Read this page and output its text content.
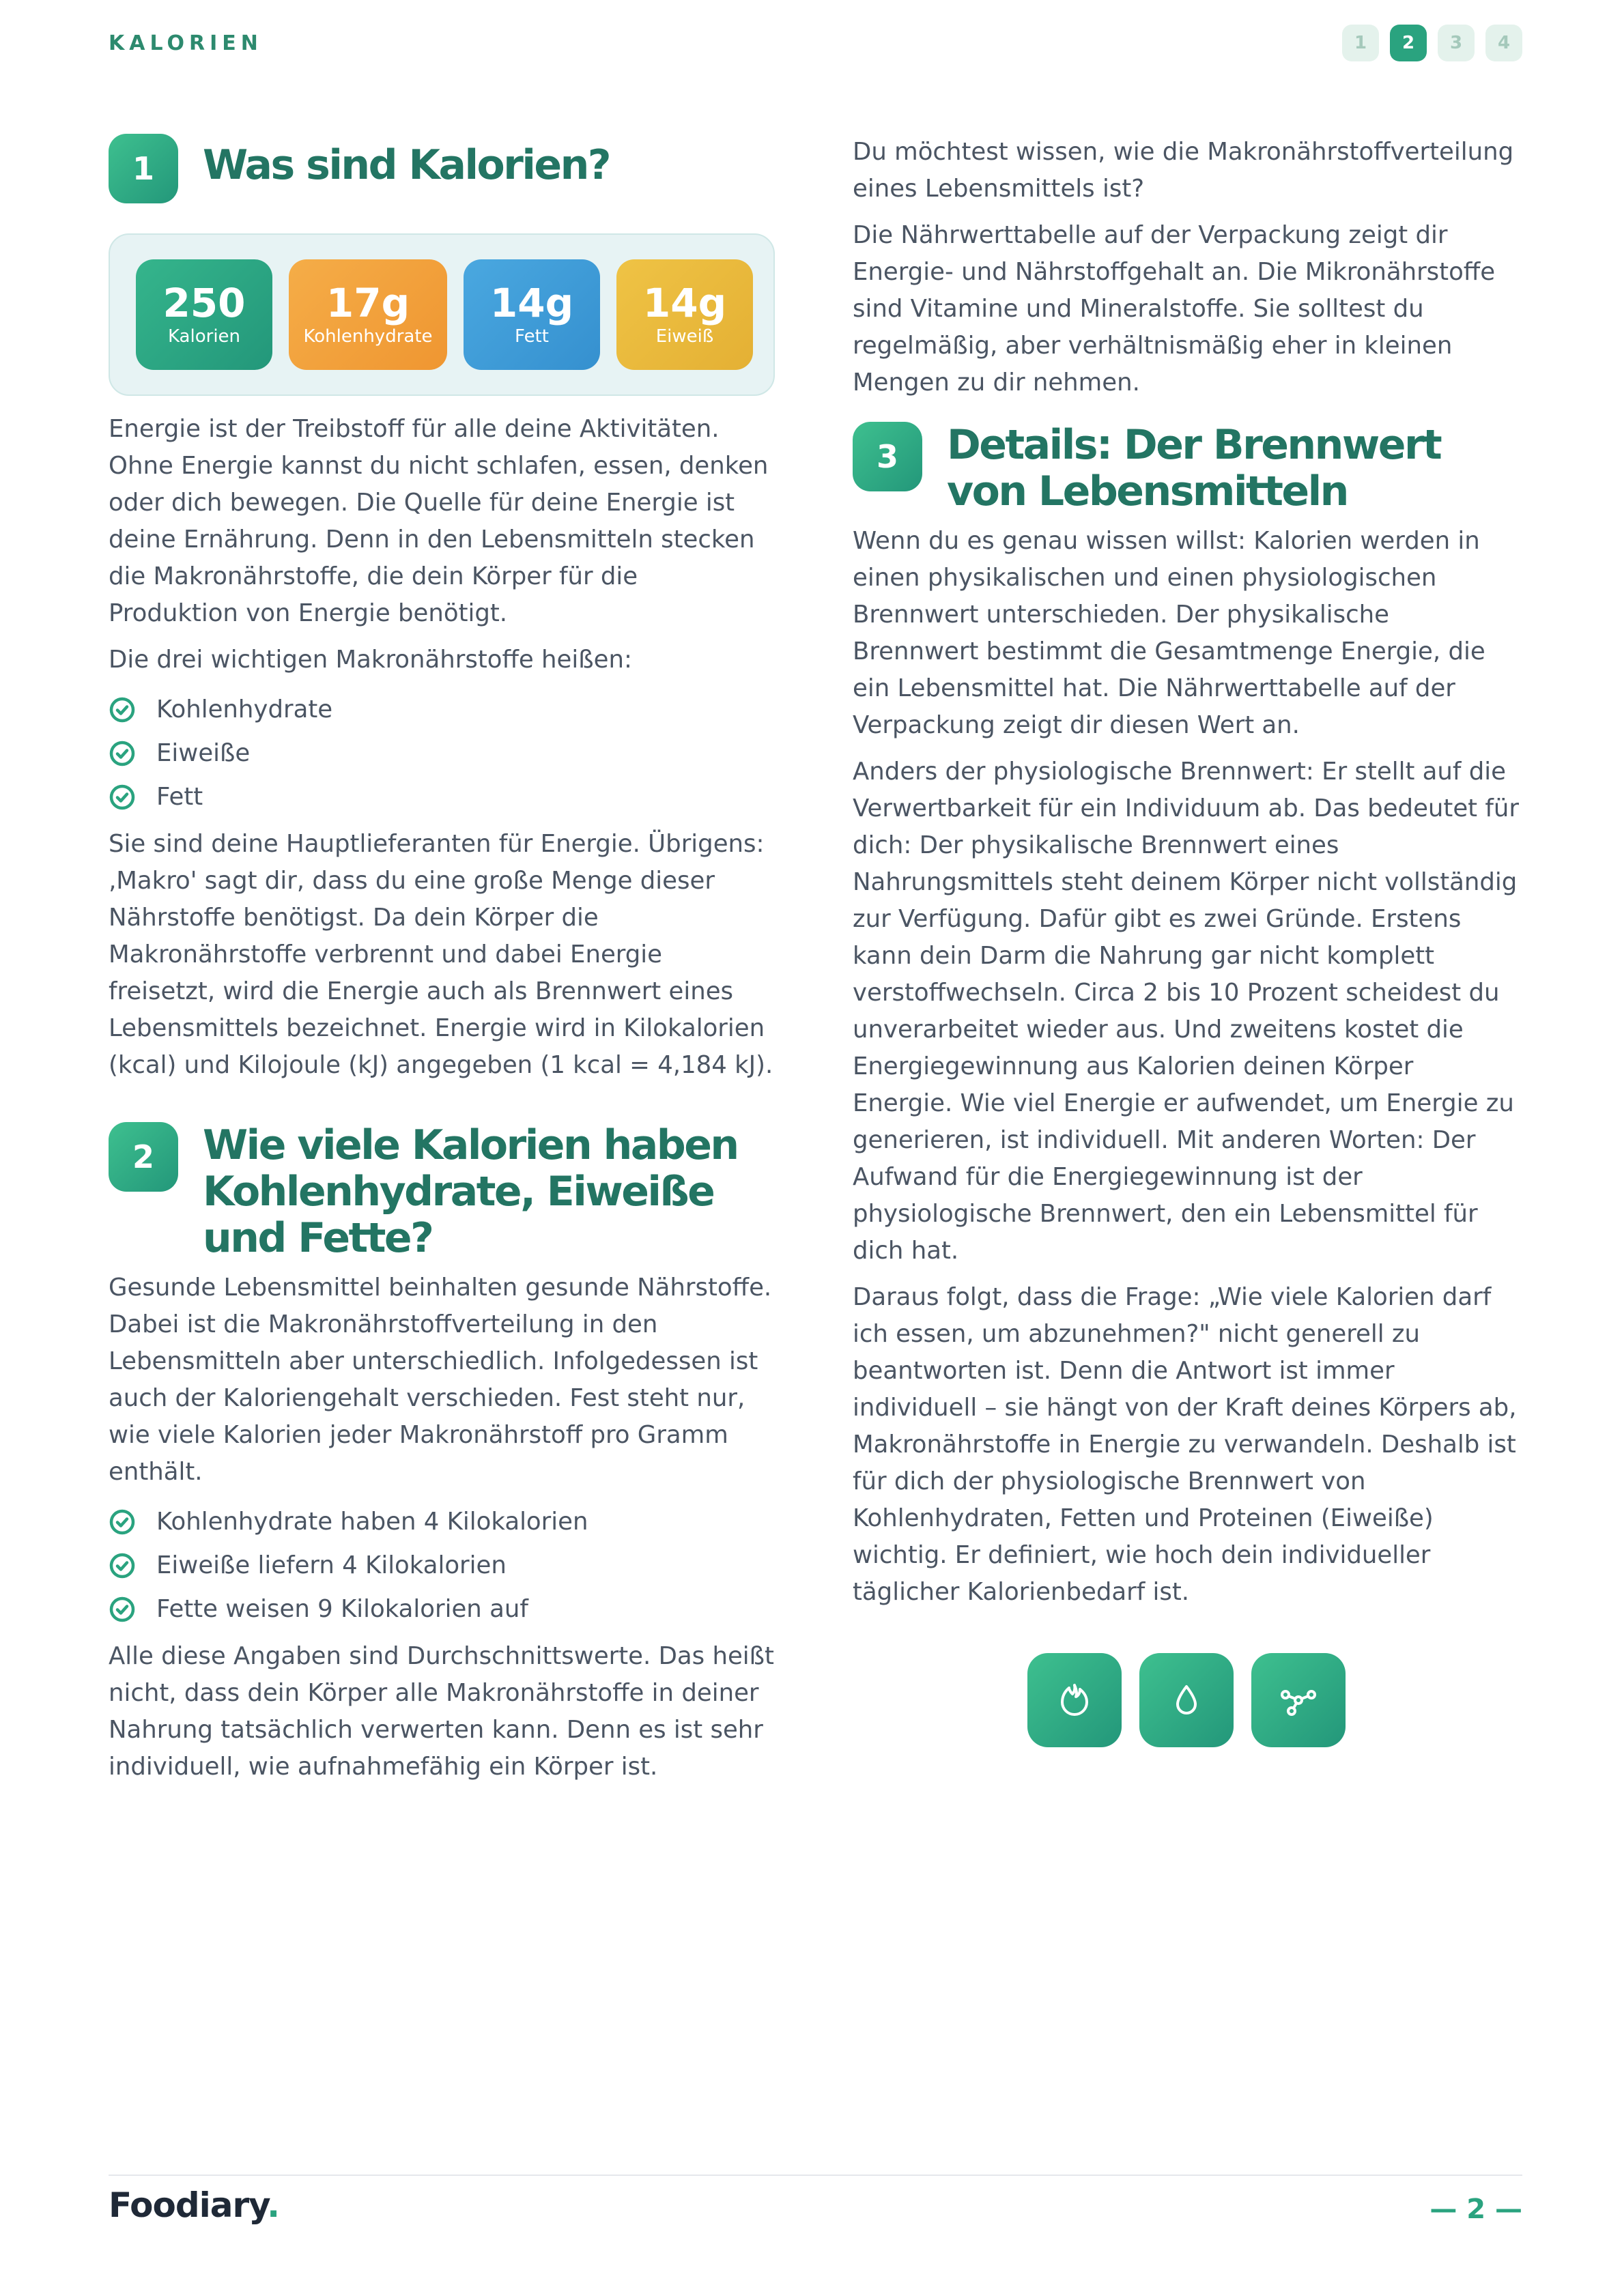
KALORIEN	1	2	3	4
1	Was sind Kalorien?
250
Kalorien
17g
Kohlenhydrate
14g
Fett
14g
Eiweiß

Energie ist der Treibstoff für alle deine Aktivitäten. Ohne Energie kannst du nicht schlafen, essen, denken oder dich bewegen. Die Quelle für deine Energie ist deine Ernährung. Denn in den Lebensmitteln stecken die Makronährstoffe, die dein Körper für die Produktion von Energie benötigt.

Die drei wichtigen Makronährstoffe heißen:

Kohlenhydrate
Eiweiße
Fett

Sie sind deine Hauptlieferanten für Energie. Übrigens: ‚Makro' sagt dir, dass du eine große Menge dieser Nährstoffe benötigst. Da dein Körper die Makronährstoffe verbrennt und dabei Energie freisetzt, wird die Energie auch als Brennwert eines Lebensmittels bezeichnet. Energie wird in Kilokalorien (kcal) und Kilojoule (kJ) angegeben (1 kcal = 4,184 kJ).

2	Wie viele Kalorien haben Kohlenhydrate, Eiweiße und Fette?

Gesunde Lebensmittel beinhalten gesunde Nährstoffe. Dabei ist die Makronährstoffverteilung in den Lebensmitteln aber unterschiedlich. Infolgedessen ist auch der Kaloriengehalt verschieden. Fest steht nur, wie viele Kalorien jeder Makronährstoff pro Gramm enthält.

Kohlenhydrate haben 4 Kilokalorien
Eiweiße liefern 4 Kilokalorien
Fette weisen 9 Kilokalorien auf

Alle diese Angaben sind Durchschnittswerte. Das heißt nicht, dass dein Körper alle Makronährstoffe in deiner Nahrung tatsächlich verwerten kann. Denn es ist sehr individuell, wie aufnahmefähig ein Körper ist.

Du möchtest wissen, wie die Makronährstoffverteilung eines Lebensmittels ist?

Die Nährwerttabelle auf der Verpackung zeigt dir Energie- und Nährstoffgehalt an. Die Mikronährstoffe sind Vitamine und Mineralstoffe. Sie solltest du regelmäßig, aber verhältnismäßig eher in kleinen Mengen zu dir nehmen.

3	Details: Der Brennwert von Lebensmitteln

Wenn du es genau wissen willst: Kalorien werden in einen physikalischen und einen physiologischen Brennwert unterschieden. Der physikalische Brennwert bestimmt die Gesamtmenge Energie, die ein Lebensmittel hat. Die Nährwerttabelle auf der Verpackung zeigt dir diesen Wert an.

Anders der physiologische Brennwert: Er stellt auf die Verwertbarkeit für ein Individuum ab. Das bedeutet für dich: Der physikalische Brennwert eines Nahrungsmittels steht deinem Körper nicht vollständig zur Verfügung. Dafür gibt es zwei Gründe. Erstens kann dein Darm die Nahrung gar nicht komplett verstoffwechseln. Circa 2 bis 10 Prozent scheidest du unverarbeitet wieder aus. Und zweitens kostet die Energiegewinnung aus Kalorien deinen Körper Energie. Wie viel Energie er aufwendet, um Energie zu generieren, ist individuell. Mit anderen Worten: Der Aufwand für die Energiegewinnung ist der physiologische Brennwert, den ein Lebensmittel für dich hat.

Daraus folgt, dass die Frage: „Wie viele Kalorien darf ich essen, um abzunehmen?" nicht generell zu beantworten ist. Denn die Antwort ist immer individuell – sie hängt von der Kraft deines Körpers ab, Makronährstoffe in Energie zu verwandeln. Deshalb ist für dich der physiologische Brennwert von Kohlenhydraten, Fetten und Proteinen (Eiweiße) wichtig. Er definiert, wie hoch dein individueller täglicher Kalorienbedarf ist.

Foodiary.	— 2 —
